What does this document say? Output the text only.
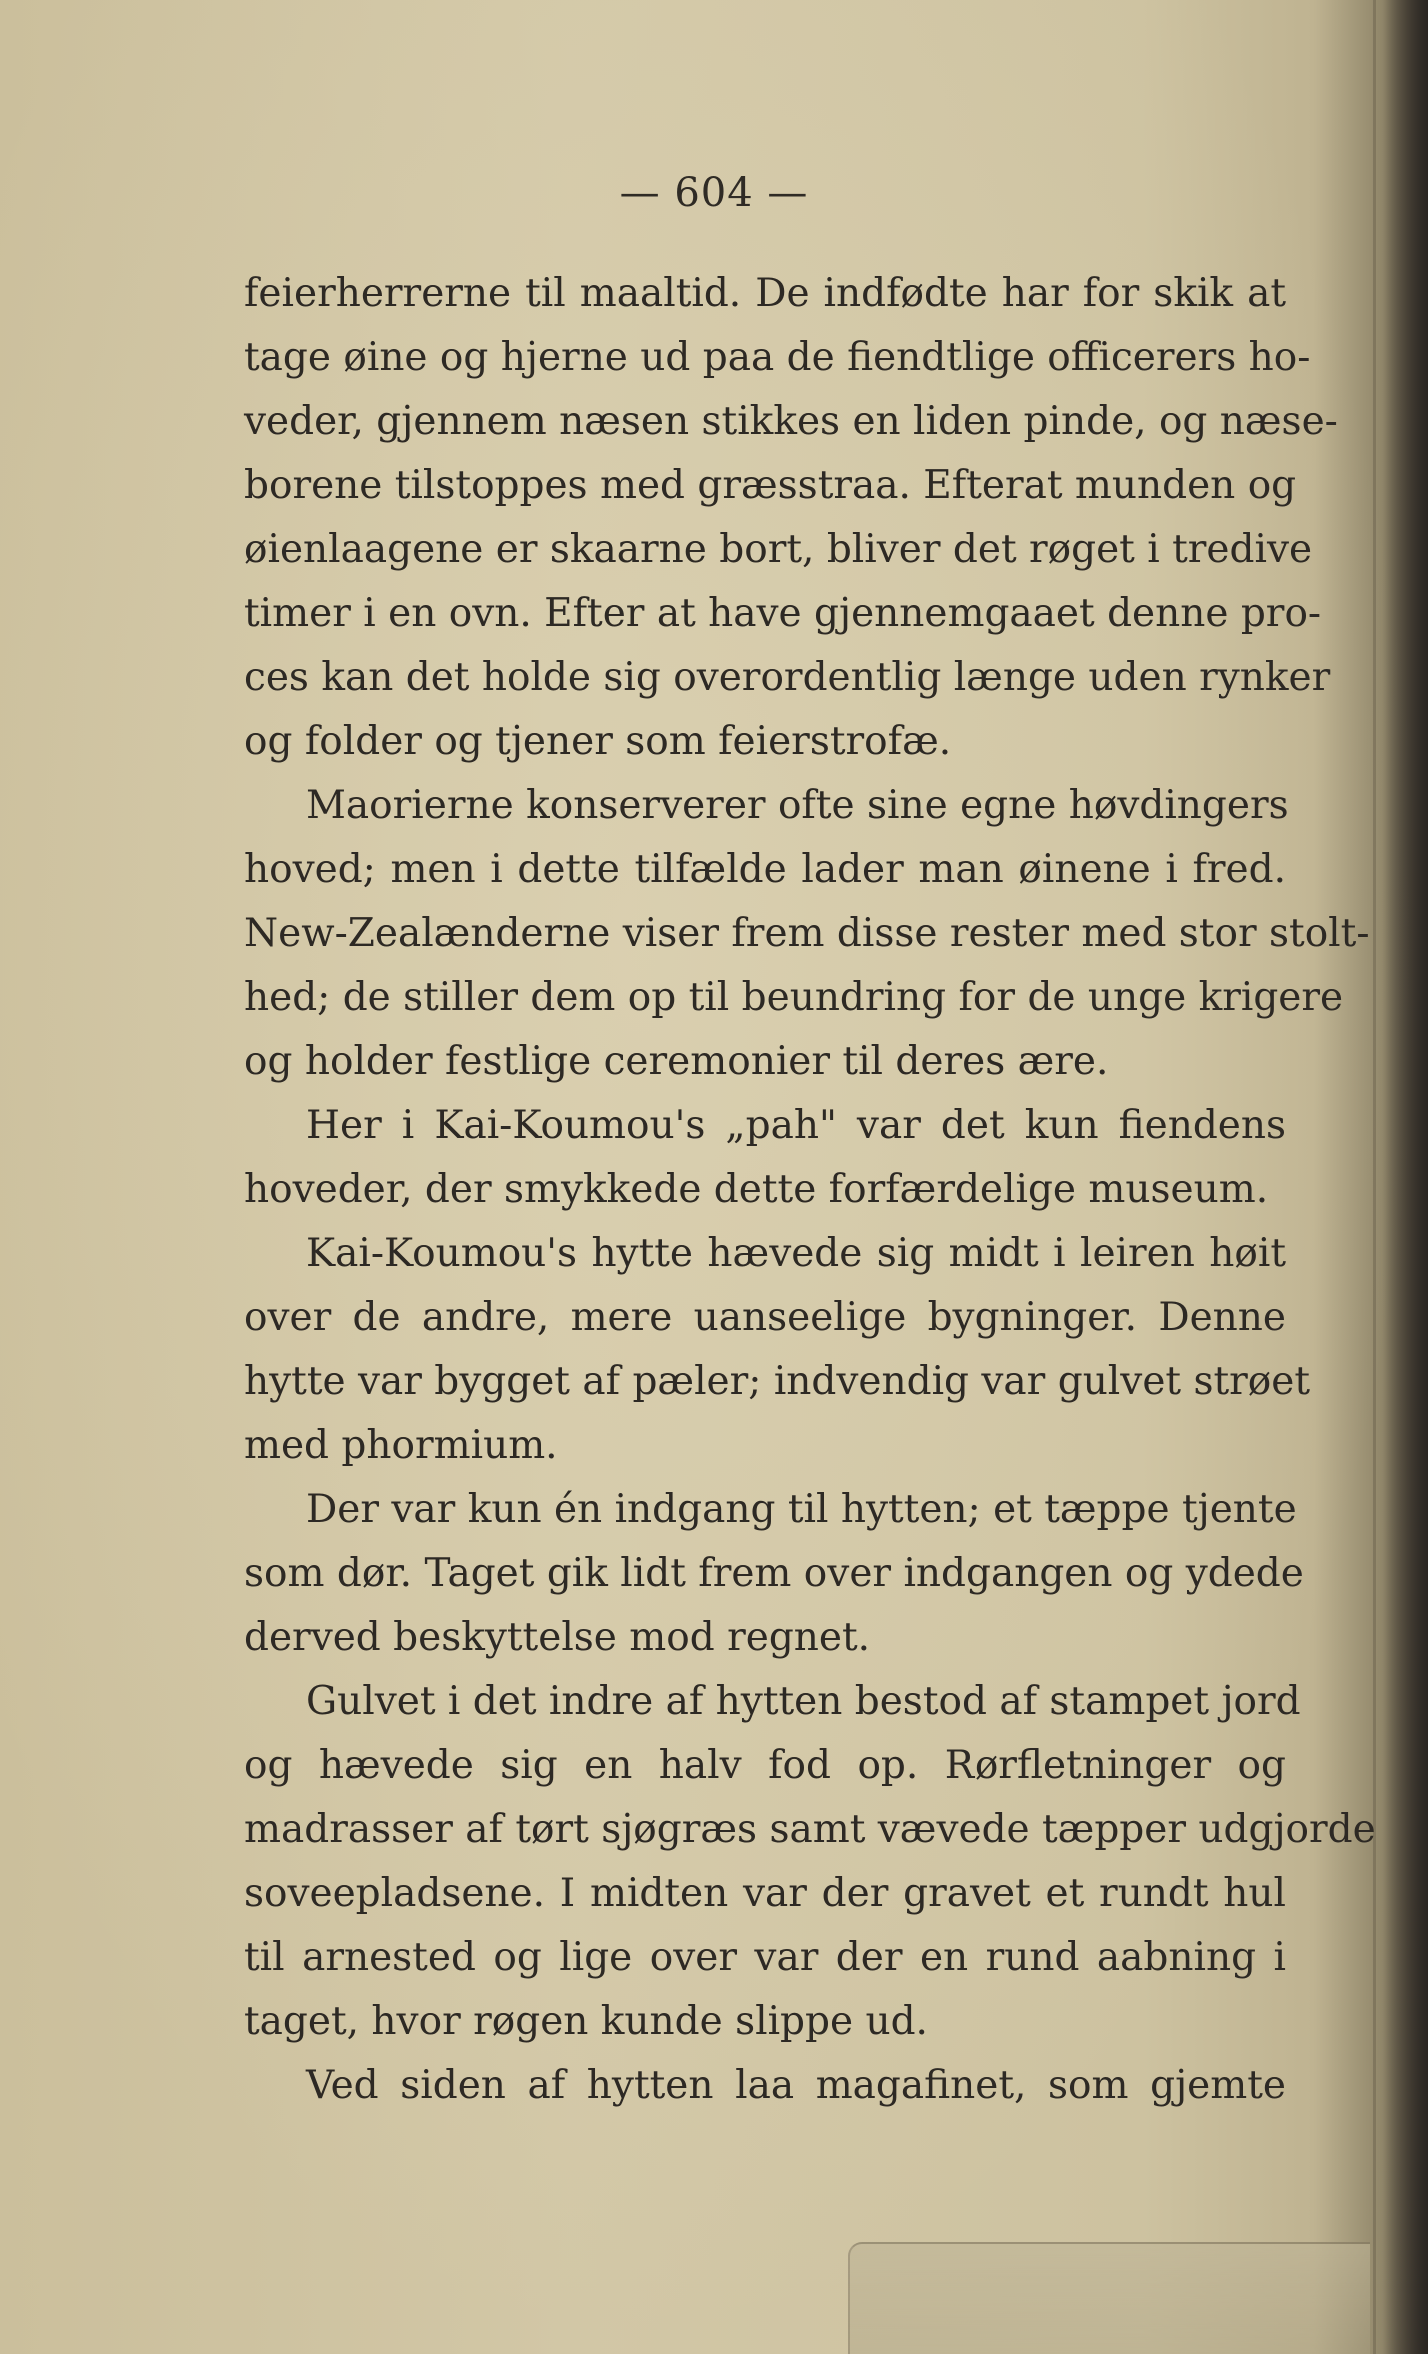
— 604 —
feierherrerne til maaltid. De indfødte har for skik at
tage øine og hjerne ud paa de fiendtlige officerers ho-
veder, gjennem næsen stikkes en liden pinde, og næse-
borene tilstoppes med græsstraa. Efterat munden og
øienlaagene er skaarne bort, bliver det røget i tredive
timer i en ovn. Efter at have gjennemgaaet denne pro-
ces kan det holde sig overordentlig længe uden rynker
og folder og tjener som feierstrofæ.
Maorierne konserverer ofte sine egne høvdingers
hoved; men i dette tilfælde lader man øinene i fred.
New-Zealænderne viser frem disse rester med stor stolt-
hed; de stiller dem op til beundring for de unge krigere
og holder festlige ceremonier til deres ære.
Her i Kai-Koumou's „pah" var det kun fiendens
hoveder, der smykkede dette forfærdelige museum.
Kai-Koumou's hytte hævede sig midt i leiren høit
over de andre, mere uanseelige bygninger. Denne
hytte var bygget af pæler; indvendig var gulvet strøet
med phormium.
Der var kun én indgang til hytten; et tæppe tjente
som dør. Taget gik lidt frem over indgangen og ydede
derved beskyttelse mod regnet.
Gulvet i det indre af hytten bestod af stampet jord
og hævede sig en halv fod op. Rørfletninger og
madrasser af tørt sjøgræs samt vævede tæpper udgjorde
soveepladsene. I midten var der gravet et rundt hul
til arnested og lige over var der en rund aabning i
taget, hvor røgen kunde slippe ud.
Ved siden af hytten laa magafinet, som gjemte
